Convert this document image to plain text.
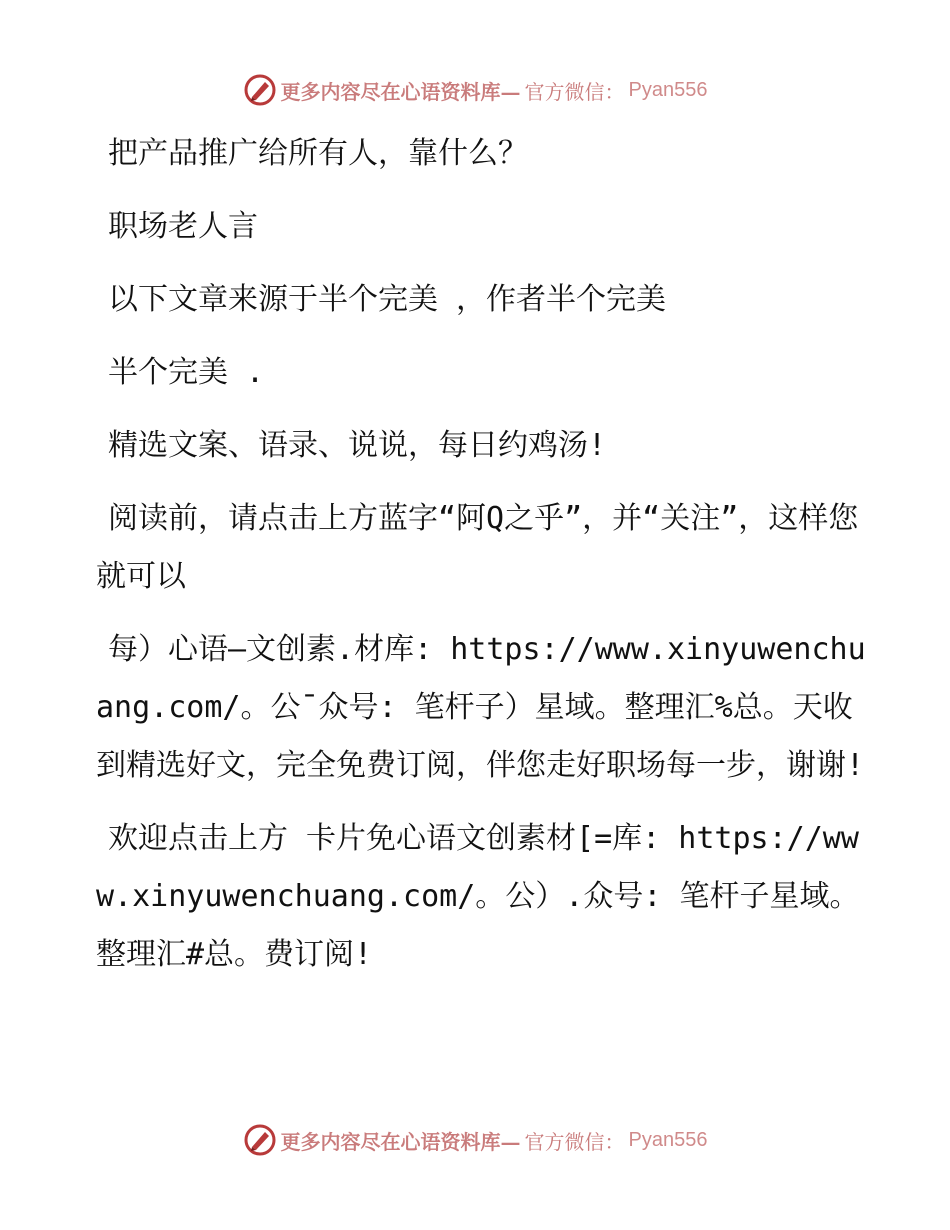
更多内容尽在心语资料库— 官方微信： Pyan556

把产品推广给所有人，靠什么？

职场老人言

以下文章来源于半个完美 ，作者半个完美

半个完美 .

精选文案、语录、说说，每日约鸡汤!

阅读前，请点击上方蓝字“阿Q之乎”，并“关注”，这样您就可以

每）心语—文创素.材库: https://www.xinyuwenchuang.com/。公¯众号: 笔杆子）星域。整理汇%总。天收到精选好文，完全免费订阅，伴您走好职场每一步，谢谢!

欢迎点击上方 卡片免心语文创素材[=库: https://www.xinyuwenchuang.com/。公）.众号: 笔杆子星域。整理汇#总。费订阅!

更多内容尽在心语资料库— 官方微信： Pyan556
